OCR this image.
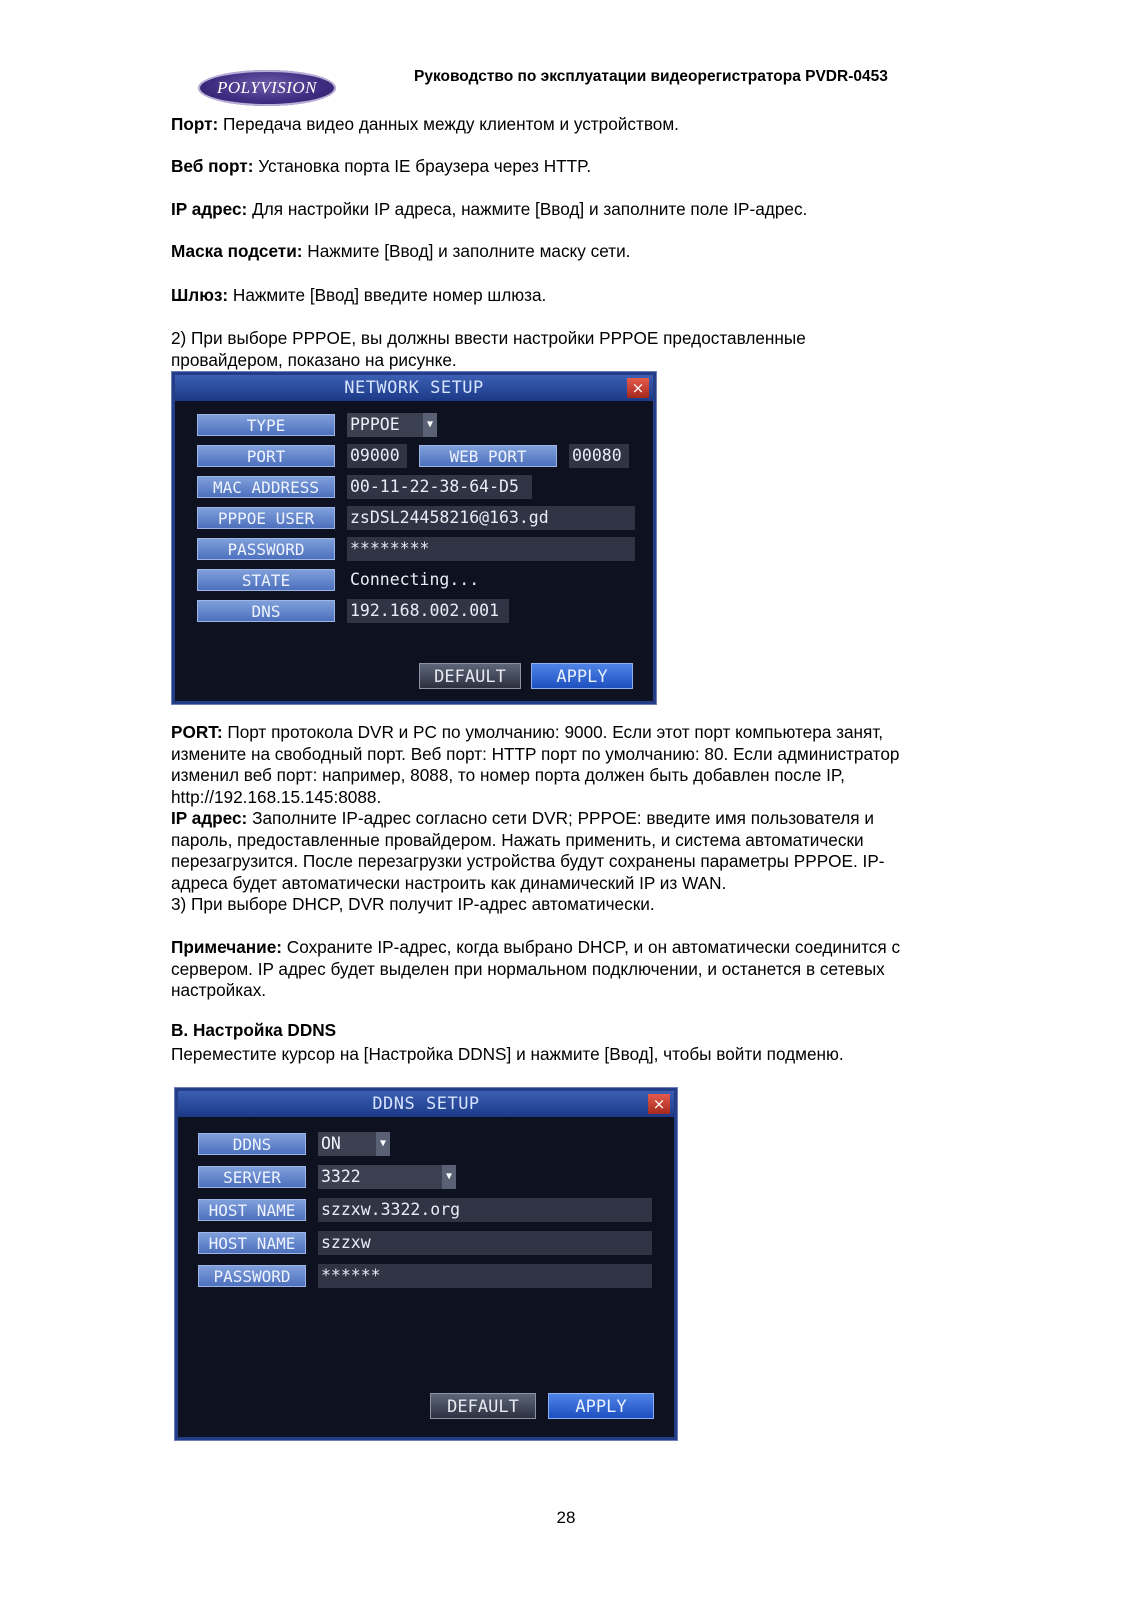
POLYVISION
Руководство по эксплуатации видеорегистратора PVDR-0453
Порт: Передача видео данных между клиентом и устройством.
Веб порт: Установка порта IE браузера через HTTP.
IP адрес: Для настройки IP адреса, нажмите [Ввод] и заполните поле IP-адрес.
Маска подсети: Нажмите [Ввод] и заполните маску сети.
Шлюз: Нажмите [Ввод] введите номер шлюза.
2) При выборе PPPOE, вы должны ввести настройки PPPOE предоставленные
провайдером, показано на рисунке.
NETWORK SETUP	×
TYPE	PPPOE	▼
PORT	09000	WEB PORT	00080
MAC ADDRESS	00-11-22-38-64-D5
PPPOE USER	zsDSL24458216@163.gd
PASSWORD	********
STATE	Connecting...
DNS	192.168.002.001
DEFAULT	APPLY
PORT: Порт протокола DVR и PC по умолчанию: 9000. Если этот порт компьютера занят,
измените на свободный порт. Веб порт: HTTP порт по умолчанию: 80. Если администратор
изменил веб порт: например, 8088, то номер порта должен быть добавлен после IP,
http://192.168.15.145:8088.
IP адрес: Заполните IP-адрес согласно сети DVR; PPPOE: введите имя пользователя и
пароль, предоставленные провайдером. Нажать применить, и система автоматически
перезагрузится. После перезагрузки устройства будут сохранены параметры PPPOE. IP-
адреса будет автоматически настроить как динамический IP из WAN.
3) При выборе DHCP, DVR получит IP-адрес автоматически.
Примечание: Сохраните IP-адрес, когда выбрано DHCP, и он автоматически соединится с
сервером. IP адрес будет выделен при нормальном подключении, и останется в сетевых
настройках.
B. Настройка DDNS
Переместите курсор на [Настройка DDNS] и нажмите [Ввод], чтобы войти подменю.
DDNS SETUP	×
DDNS	ON	▼
SERVER	3322	▼
HOST NAME	szzxw.3322.org
HOST NAME	szzxw
PASSWORD	******
DEFAULT	APPLY
28
